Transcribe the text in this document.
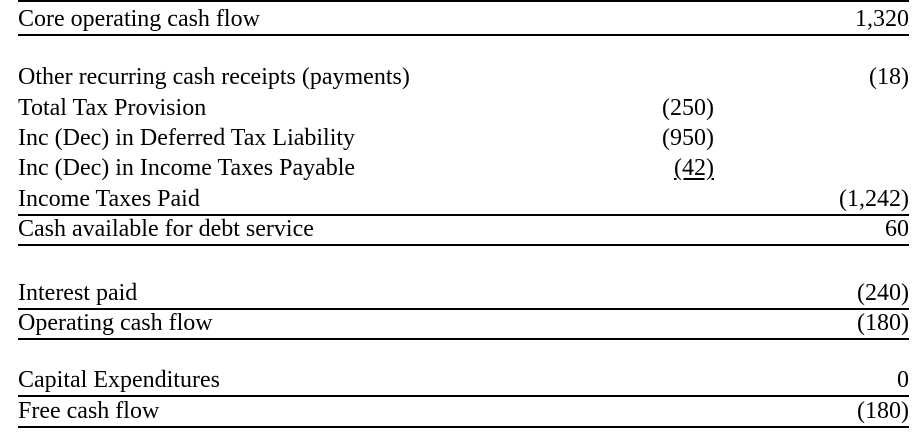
Core operating cash flow	1,320
Other recurring cash receipts (payments)	(18)
Total Tax Provision	(250)
Inc (Dec) in Deferred Tax Liability	(950)
Inc (Dec) in Income Taxes Payable	(42)
Income Taxes Paid	(1,242)
Cash available for debt service	60
Interest paid	(240)
Operating cash flow	(180)
Capital Expenditures	0
Free cash flow	(180)
